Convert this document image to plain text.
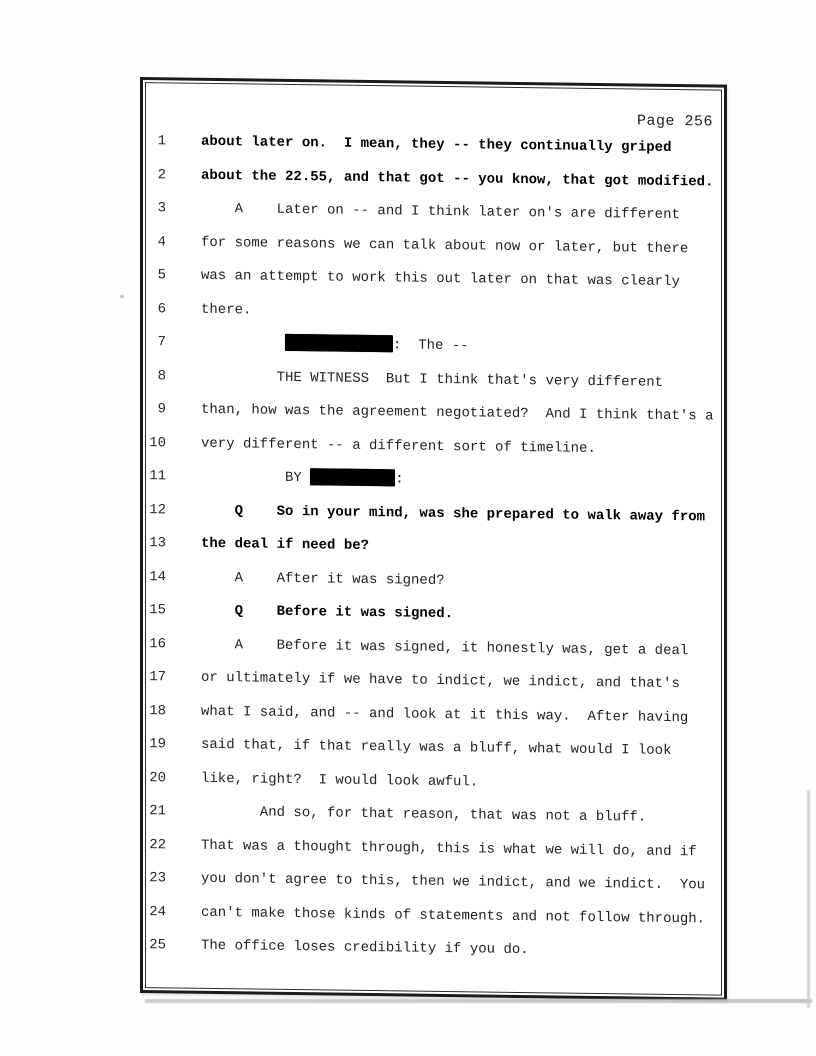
Page 256
1	about later on.  I mean, they -- they continually griped
2	about the 22.55, and that got -- you know, that got modified.
3	A    Later on -- and I think later on's are different
4	for some reasons we can talk about now or later, but there
5	was an attempt to work this out later on that was clearly
6	there.
7	:  The --
8	THE WITNESS  But I think that's very different
9	than, how was the agreement negotiated?  And I think that's a
10	very different -- a different sort of timeline.
11	BY	:
12	Q    So in your mind, was she prepared to walk away from
13	the deal if need be?
14	A    After it was signed?
15	Q    Before it was signed.
16	A    Before it was signed, it honestly was, get a deal
17	or ultimately if we have to indict, we indict, and that's
18	what I said, and -- and look at it this way.  After having
19	said that, if that really was a bluff, what would I look
20	like, right?  I would look awful.
21	And so, for that reason, that was not a bluff.
22	That was a thought through, this is what we will do, and if
23	you don't agree to this, then we indict, and we indict.  You
24	can't make those kinds of statements and not follow through.
25	The office loses credibility if you do.
